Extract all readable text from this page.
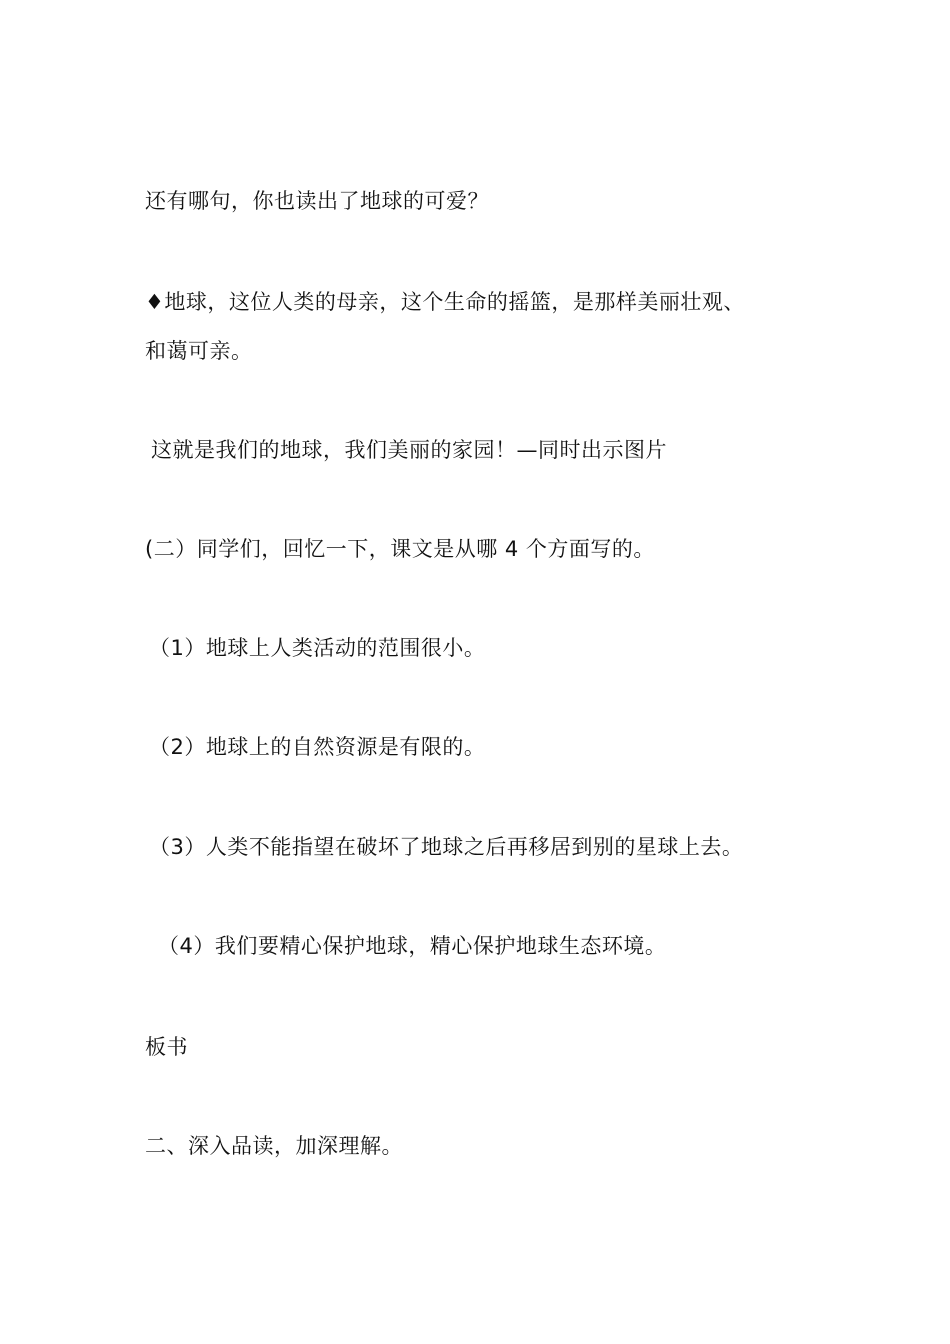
还有哪句，你也读出了地球的可爱？
♦地球，这位人类的母亲，这个生命的摇篮，是那样美丽壮观、
和蔼可亲。
这就是我们的地球，我们美丽的家园！—同时出示图片
(二）同学们，回忆一下，课文是从哪 4 个方面写的。
（1）地球上人类活动的范围很小。
（2）地球上的自然资源是有限的。
（3）人类不能指望在破坏了地球之后再移居到别的星球上去。
（4）我们要精心保护地球，精心保护地球生态环境。
板书
二、深入品读，加深理解。
